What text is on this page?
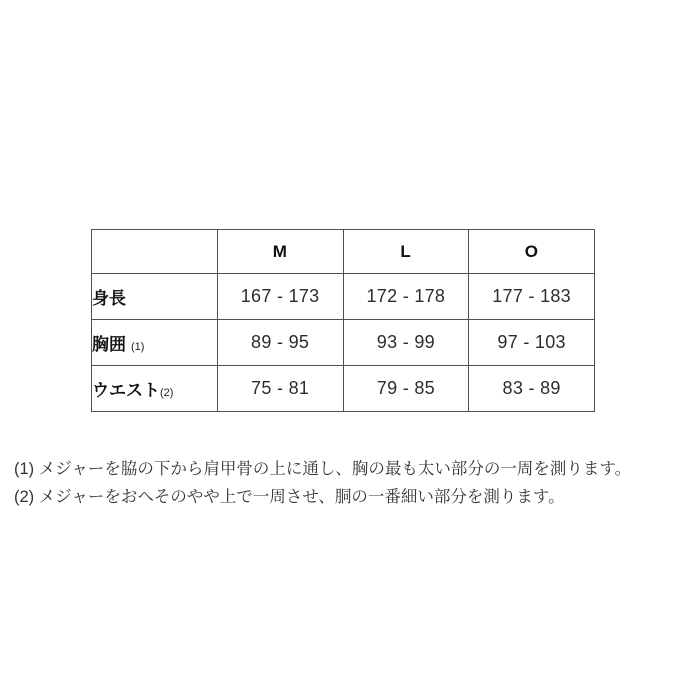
	M	L	O
身長	167 - 173	172 - 178	177 - 183
胸囲 (1)	89 - 95	93 - 99	97 - 103
ウエスト(2)	75 - 81	79 - 85	83 - 89
(1) メジャーを脇の下から肩甲骨の上に通し、胸の最も太い部分の一周を測ります。
(2) メジャーをおへそのやや上で一周させ、胴の一番細い部分を測ります。
